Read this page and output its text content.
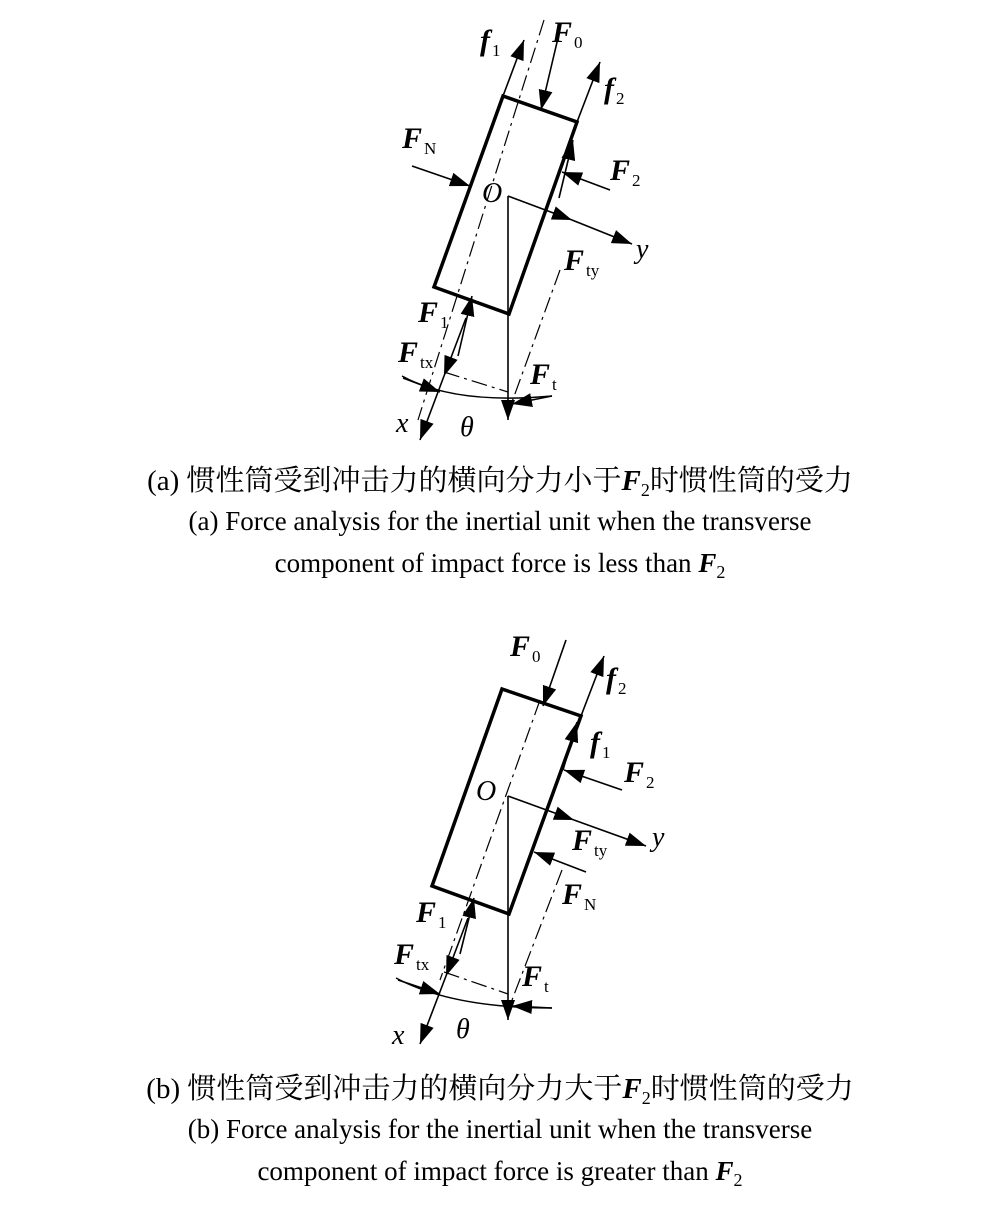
f $_1$
F $_0$
f $_2$
F $_N$
F $_2$
O
y
F $_{ty}$
F $_1$
F $_{tx}$	F $_t$
x θ
F $_0$
f $_2$
f $_1$
O
F $_2$
F $_{ty}$ y
F $_N$
F $_1$
F $_{tx}$	F $_t$
x θ
(a) 惯性筒受到冲击力的横向分力小于$F_2$时惯性筒的受力
(a) Force analysis for the inertial unit when the transverse
component of impact force is less than $F_2$
(b) 惯性筒受到冲击力的横向分力大于$F_2$时惯性筒的受力
(b) Force analysis for the inertial unit when the transverse
component of impact force is greater than $F_2$
